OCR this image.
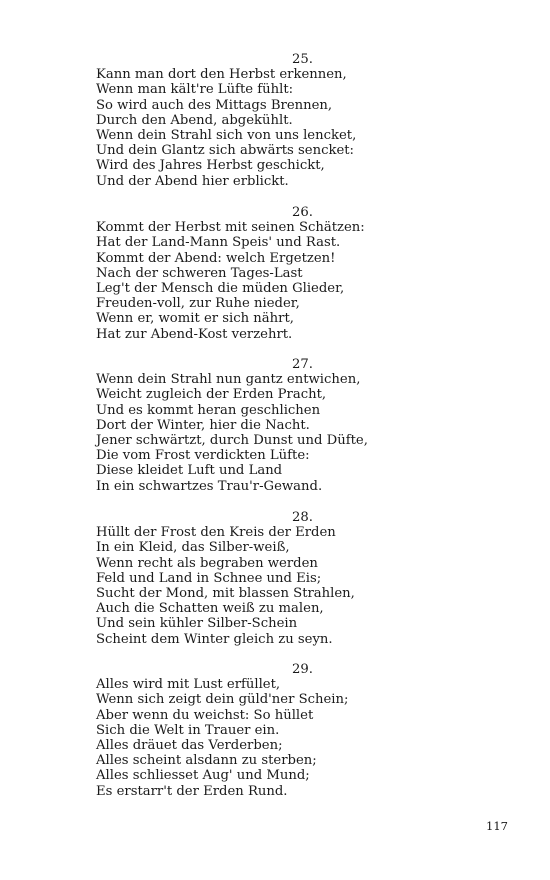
25.
Kann man dort den Herbst erkennen,
Wenn man kält're Lüfte fühlt:
So wird auch des Mittags Brennen,
Durch den Abend, abgekühlt.
Wenn dein Strahl sich von uns lencket,
Und dein Glantz sich abwärts sencket:
Wird des Jahres Herbst geschickt,
Und der Abend hier erblickt.
26.
Kommt der Herbst mit seinen Schätzen:
Hat der Land-Mann Speis' und Rast.
Kommt der Abend: welch Ergetzen!
Nach der schweren Tages-Last
Leg't der Mensch die müden Glieder,
Freuden-voll, zur Ruhe nieder,
Wenn er, womit er sich nährt,
Hat zur Abend-Kost verzehrt.
27.
Wenn dein Strahl nun gantz entwichen,
Weicht zugleich der Erden Pracht,
Und es kommt heran geschlichen
Dort der Winter, hier die Nacht.
Jener schwärtzt, durch Dunst und Düfte,
Die vom Frost verdickten Lüfte:
Diese kleidet Luft und Land
In ein schwartzes Trau'r-Gewand.
28.
Hüllt der Frost den Kreis der Erden
In ein Kleid, das Silber-weiß,
Wenn recht als begraben werden
Feld und Land in Schnee und Eis;
Sucht der Mond, mit blassen Strahlen,
Auch die Schatten weiß zu malen,
Und sein kühler Silber-Schein
Scheint dem Winter gleich zu seyn.
29.
Alles wird mit Lust erfüllet,
Wenn sich zeigt dein güld'ner Schein;
Aber wenn du weichst: So hüllet
Sich die Welt in Trauer ein.
Alles dräuet das Verderben;
Alles scheint alsdann zu sterben;
Alles schliesset Aug' und Mund;
Es erstarr't der Erden Rund.
117
